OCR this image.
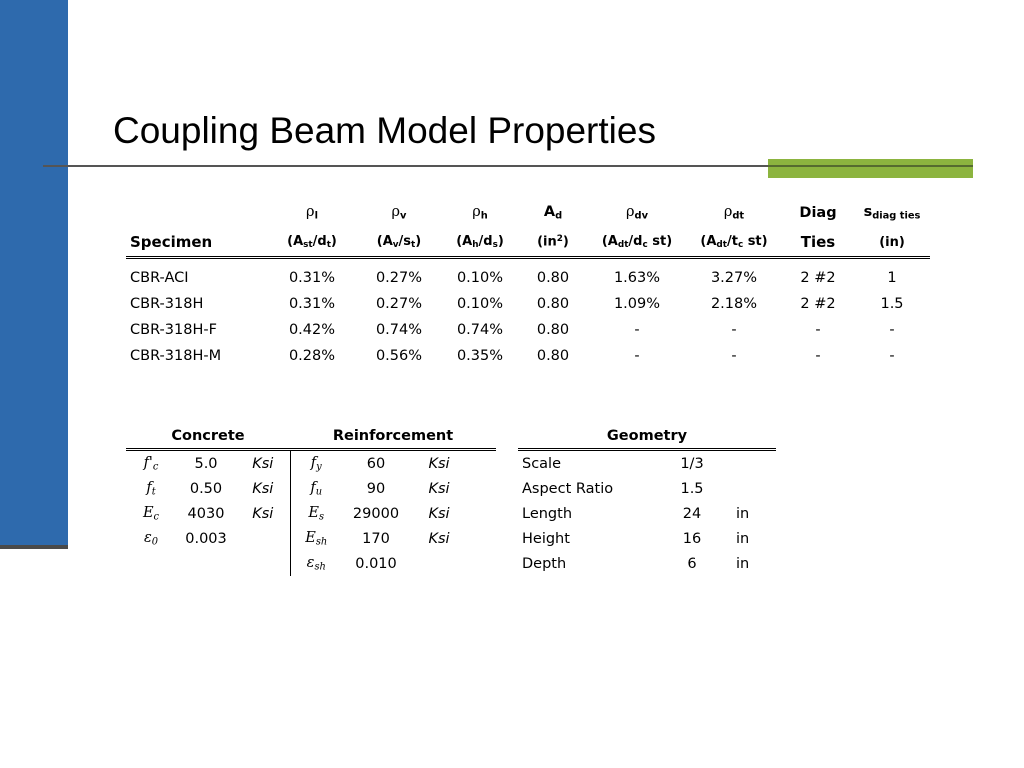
Coupling Beam Model Properties
	$\rho_l$	$\rho_v$	$\rho_h$	$A_d$	$\rho_{dv}$	$\rho_{dt}$	Diag	$s_{diag ties}$
Specimen	$(A_{st}/d_t)$	$(A_v/s_t)$	$(A_h/d_s)$	$(in^2)$	($A_{dt}/d_c$ st)	($A_{dt}/t_c$ st)	Ties	(in)
CBR-ACI	0.31%	0.27%	0.10%	0.80	1.63%	3.27%	2 #2	1
CBR-318H	0.31%	0.27%	0.10%	0.80	1.09%	2.18%	2 #2	1.5
CBR-318H-F	0.42%	0.74%	0.74%	0.80	-	-	-	-
CBR-318H-M	0.28%	0.56%	0.35%	0.80	-	-	-	-
Concrete			Reinforcement			
$f'_c$	5.0	Ksi	$f_y$	60	Ksi	
$f_t$	0.50	Ksi	$f_u$	90	Ksi	
$E_c$	4030	Ksi	$E_s$	29000	Ksi	
$\varepsilon_0$	0.003		$E_{sh}$	170	Ksi	
			$\varepsilon_{sh}$	0.010		
Geometry		
Scale	1/3	
Aspect Ratio	1.5	
Length	24	in
Height	16	in
Depth	6	in
